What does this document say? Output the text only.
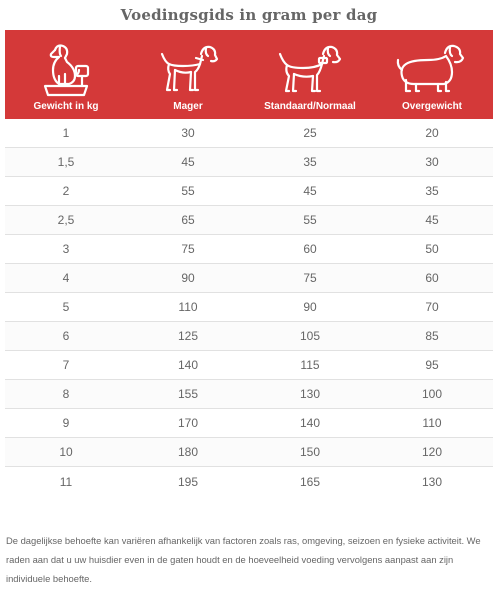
Voedingsgids in gram per dag
Gewicht in kg	Mager	Standaard/Normaal	Overgewicht
1	30	25	20
1,5	45	35	30
2	55	45	35
2,5	65	55	45
3	75	60	50
4	90	75	60
5	110	90	70
6	125	105	85
7	140	115	95
8	155	130	100
9	170	140	110
10	180	150	120
11	195	165	130
De dagelijkse behoefte kan variëren afhankelijk van factoren zoals ras, omgeving, seizoen en fysieke activiteit. We raden aan dat u uw huisdier even in de gaten houdt en de hoeveelheid voeding vervolgens aanpast aan zijn individuele behoefte.
